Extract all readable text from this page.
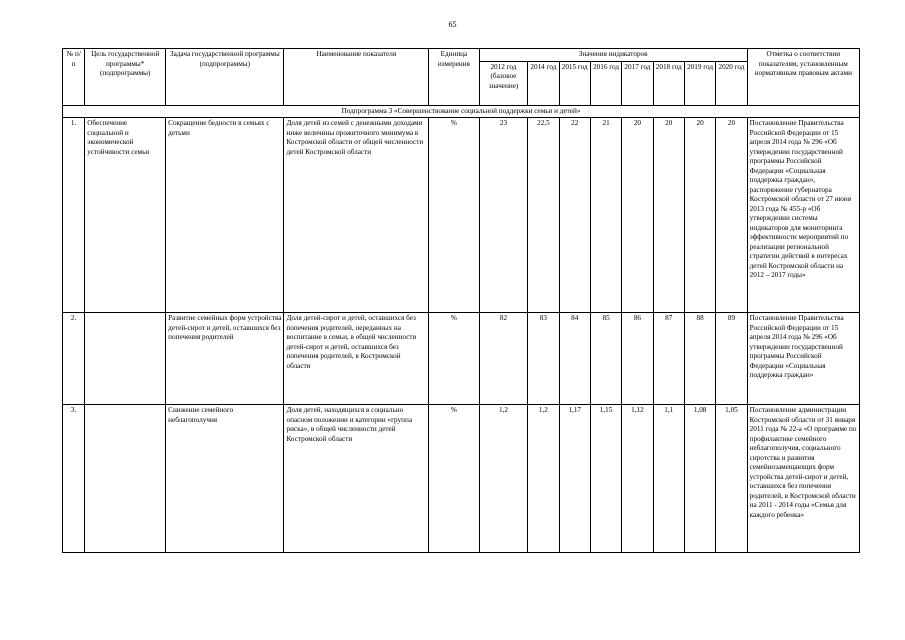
65
№ п/п	Цель государственной программы* (подпрограммы)	Задача государственной программы (подпрограммы)	Наименование показателя	Единица измерения	Значения индикаторов								Отметка о соответствии показателям, установленным нормативным правовым актами
					2012 год (базовое значение)	2014 год	2015 год	2016 год	2017 год	2018 год	2019 год	2020 год	
Подпрограмма 3 «Совершенствование социальной поддержки семьи и детей»													
1.	Обеспечение социальной и экономической устойчивости семьи	Сокращение бедности в семьях с детьми	Доля детей из семей с денежными доходами ниже величины прожиточного минимума в Костромской области от общей численности детей Костромской области	%	23	22,5	22	21	20	20	20	20	Постановление Правительства Российской Федерации от 15 апреля 2014 года № 296 «Об утверждении государственной программы Российской Федерации «Социальная поддержка граждан», распоряжение губернатора Костромской области от 27 июня 2013 года № 455-р «Об утверждении системы индикаторов для мониторинга эффективности мероприятий по реализации региональной стратегии действий в интересах детей Костромской области на 2012 – 2017 годы»
2.		Развитие семейных форм устройства детей-сирот и детей, оставшихся без попечения родителей	Доля детей-сирот и детей, оставшихся без попечения родителей, переданных на воспитание в семьи, в общей численности детей-сирот и детей, оставшихся без попечения родителей, в Костромской области	%	82	83	84	85	86	87	88	89	Постановление Правительства Российской Федерации от 15 апреля 2014 года № 296 «Об утверждении государственной программы Российской Федерации «Социальная поддержка граждан»
3.		Снижение семейного неблагополучия	Доля детей, находящихся в социально опасном положении и категории «группа риска», в общей численности детей Костромской области	%	1,2	1,2	1,17	1,15	1,12	1,1	1,08	1,05	Постановление администрации Костромской области от 31 января 2011 года № 22-а «О программе по профилактике семейного неблагополучия, социального сиротства и развития семейнозамещающих форм устройства детей-сирот и детей, оставшихся без попечения родителей, в Костромской области на 2011 - 2014 годы «Семья для каждого ребенка»
